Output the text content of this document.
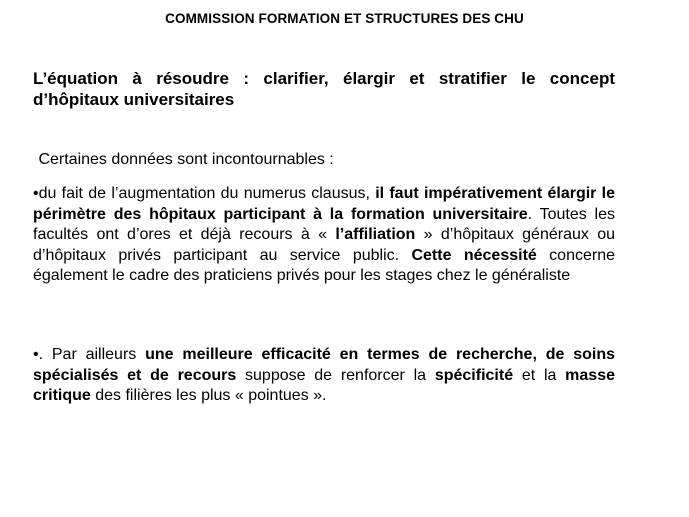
COMMISSION FORMATION ET STRUCTURES DES CHU
L’équation à résoudre : clarifier, élargir et stratifier le concept d’hôpitaux universitaires
Certaines données sont incontournables :
•du fait de l’augmentation du numerus clausus, il faut impérativement élargir le périmètre des hôpitaux participant à la formation universitaire. Toutes les facultés ont d’ores et déjà recours à « l’affiliation » d’hôpitaux généraux ou d’hôpitaux privés participant au service public. Cette nécessité concerne également le cadre des praticiens privés pour les stages chez le généraliste
•. Par ailleurs une meilleure efficacité en termes de recherche, de soins spécialisés et de recours suppose de renforcer la spécificité et la masse critique des filières les plus « pointues ».
